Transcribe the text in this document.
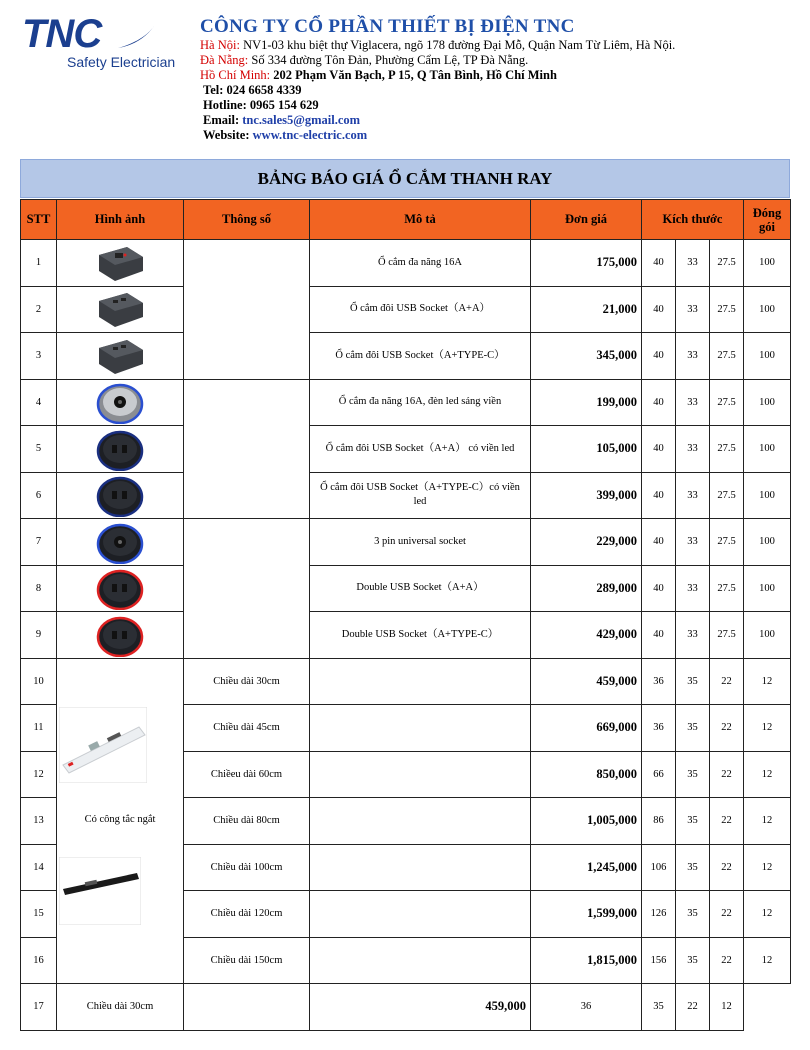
TNC
Safety Electrician
CÔNG TY CỔ PHẦN THIẾT BỊ ĐIỆN TNC
Hà Nội: NV1-03 khu biệt thự Viglacera, ngõ 178 đường Đại Mỗ, Quận Nam Từ Liêm, Hà Nội.
Đà Nẵng: Số 334 đường Tôn Đản, Phường Cẩm Lệ, TP Đà Nẵng.
Hồ Chí Minh: 202 Phạm Văn Bạch, P 15, Q Tân Bình, Hồ Chí Minh
Tel: 024 6658 4339
Hotline: 0965 154 629
Email: tnc.sales5@gmail.com
Website: www.tnc-electric.com
BẢNG BÁO GIÁ Ổ CẮM THANH RAY
STT	Hình ảnh	Thông số	Mô tả	Đơn giá	Kích thước			Đóng gói
1			Ổ cắm đa năng 16A	175,000	40	33	27.5	100
2			Ổ cắm đôi USB Socket（A+A）	21,000	40	33	27.5	100
3			Ổ cắm đôi USB Socket（A+TYPE-C）	345,000	40	33	27.5	100
4			Ổ cắm đa năng 16A, đèn led sáng viền	199,000	40	33	27.5	100
5			Ổ cắm đôi USB Socket（A+A） có viền led	105,000	40	33	27.5	100
6			Ổ cắm đôi USB Socket（A+TYPE-C）có viền led	399,000	40	33	27.5	100
7			3 pin universal socket	229,000	40	33	27.5	100
8			Double USB Socket（A+A）	289,000	40	33	27.5	100
9			Double USB Socket（A+TYPE-C）	429,000	40	33	27.5	100
10	Có công tắc ngắt	Chiều dài 30cm		459,000	36	35	22	12
11		Chiều dài 45cm		669,000	36	35	22	12
12		Chiềeu dài 60cm		850,000	66	35	22	12
13		Chiều dài 80cm		1,005,000	86	35	22	12
14		Chiều dài 100cm		1,245,000	106	35	22	12
15		Chiều dài 120cm		1,599,000	126	35	22	12
16		Chiều dài 150cm		1,815,000	156	35	22	12
17	Chiều dài 30cm		459,000	36	35	22	12	
